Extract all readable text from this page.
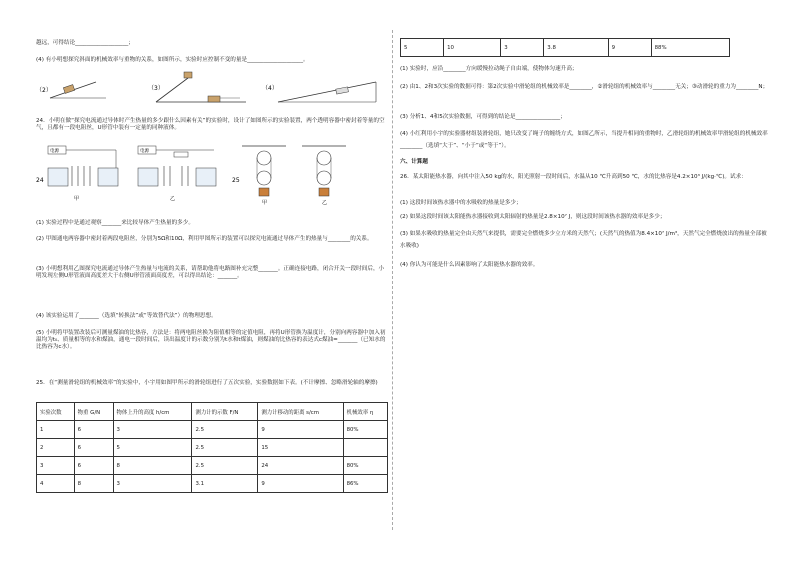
越远，可得结论___________________；
(4) 有小明想探究斜面的机械效率与重物的关系，如图所示，实验时应控制不变的量是____________________。
（2）	（3）	（4）
24．小明在做“探究电流通过导体时产生热量的多少跟什么因素有关”的实验时，设计了如图所示的实验装置，两个透明容器中密封着等量的空气，且都有一段电阻丝，U形管中装有一定量的同种液体。
24
电源
甲
电源
乙
25
甲	乙
(1) 实验过程中是通过观察_______来比较导体产生热量的多少。
(2) 甲图通电两容器中密封着两段电阻丝，分别为5Ω和10Ω，利用甲图所示的装置可以探究电流通过导体产生的热量与________的关系。
(3) 小明想利用乙图探究电流通过导体产生热量与电流的关系，请帮助他将电路图补充完整_______。正确连接电路，闭合开关一段时间后，小明发现左侧U形管液面高度差大于右侧U形管液面高度差，可以得出结论：_______。
(4) 该实验运用了_______（选填“转换法”或“等效替代法”）的物理思想。
(5) 小明将甲装置改装后可测量煤油的比热容，方法是：将两电阻丝换为阻值相等的定值电阻，再将U形管换为温度计，分别向两容器中加入初温均为t₀、质量相等的水和煤油，通电一段时间后，读出温度计的示数分别为t水和t煤油，则煤油的比热容的表达式c煤油=_______（已知水的比热容为c水）。
25．在“测量滑轮组的机械效率”的实验中，小宇用如图甲所示的滑轮组进行了五次实验，实验数据如下表。(不计摩擦、忽略滑轮轴的摩擦)
实验次数	物重 G/N	物体上升的高度 h/cm	测力计的示数 F/N	测力计移动的距离 s/cm	机械效率 η
1	6	3	2.5	9	80%
2	6	5	2.5	15	
3	6	8	2.5	24	80%
4	8	3	3.1	9	86%
5	10	3	3.8	9	88%
(1) 实验时，应沿________方向缓慢拉动绳子自由端，使物体匀速升高；
(2) 由1、2和3次实验的数据可得：第2次实验中滑轮组的机械效率是________，②滑轮组的机械效率与________无关；③动滑轮的重力为________N；
(3) 分析1、4和5次实验数据，可得到的结论是________________；
(4) 小红利用小宇的实验器材组装滑轮组，她只改变了绳子的缠绕方式，如图乙所示，当提升相同的重物时，乙滑轮组的机械效率甲滑轮组的机械效率________（选填“大于”、“小于”或“等于”）。
六、计算题
26．某太阳能热水器，向其中注入50 kg的水，阳光照射一段时间后，水温从10 ℃升高到50 ℃，水的比热容是4.2×10³ J/(kg·℃)。试求：
(1) 这段时间该热水器中的水吸收的热量是多少；
(2) 如果这段时间该太阳能热水器接收到太阳辐射的热量是2.8×10⁷ J，则这段时间该热水器的效率是多少；
(3) 如果水吸收的热量完全由天然气来提供，需要完全燃烧多少立方米的天然气；(天然气的热值为8.4×10⁷ J/m³，天然气完全燃烧放出的热量全部被水吸收)
(4) 你认为可能是什么因素影响了太阳能热水器的效率。
